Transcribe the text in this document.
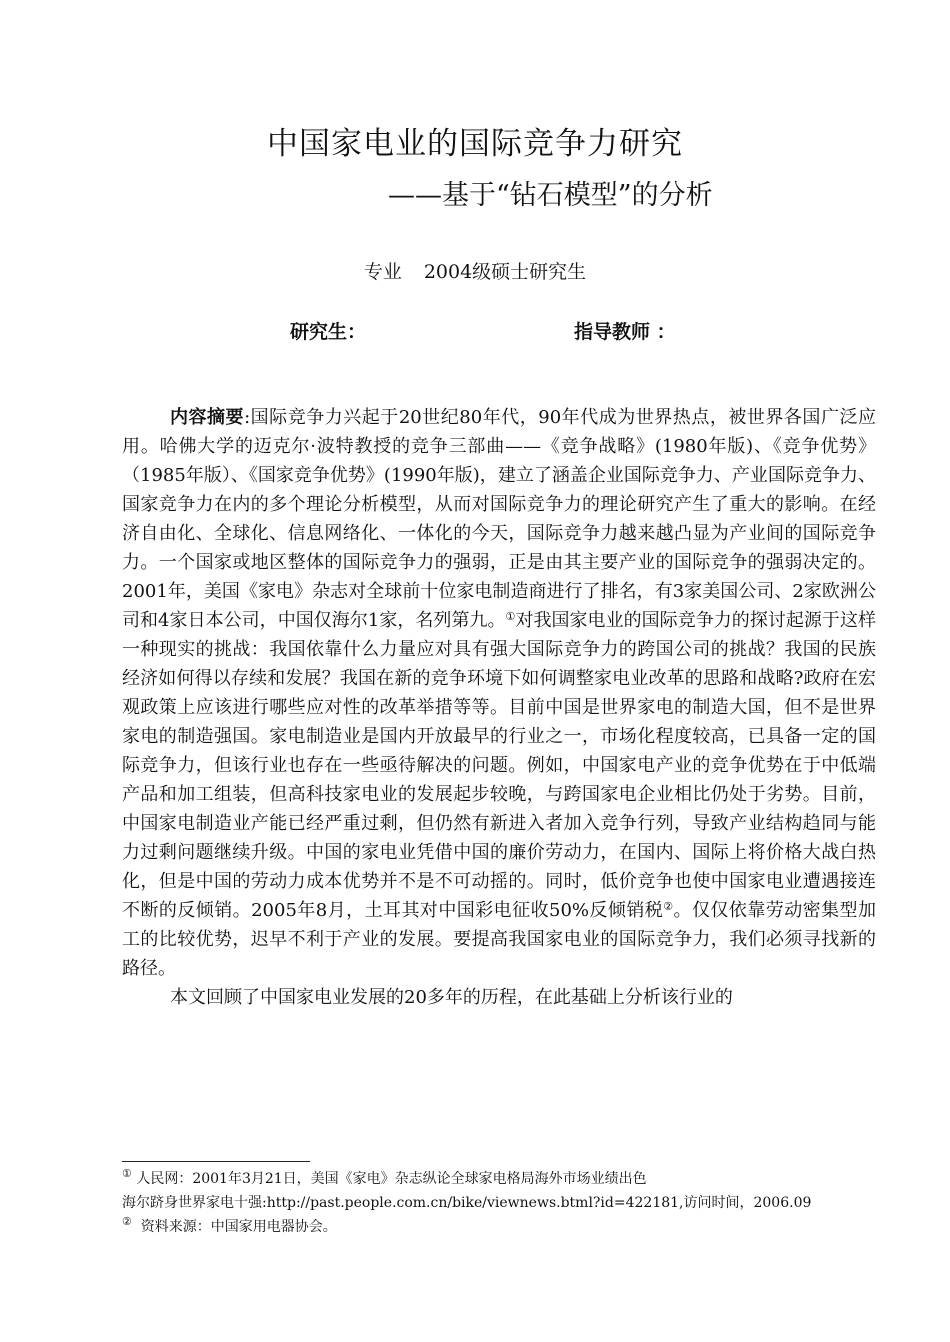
中国家电业的国际竞争力研究
——基于“钻石模型”的分析
专业 2004级硕士研究生
研究生：	指导教师 ：

内容摘要:国际竞争力兴起于20世纪80年代，90年代成为世界热点，被世界各国广泛应用。哈佛大学的迈克尔·波特教授的竞争三部曲——《竞争战略》(1980年版)、《竞争优势》（1985年版）、《国家竞争优势》(1990年版)，建立了涵盖企业国际竞争力、产业国际竞争力、国家竞争力在内的多个理论分析模型，从而对国际竞争力的理论研究产生了重大的影响。在经济自由化、全球化、信息网络化、一体化的今天，国际竞争力越来越凸显为产业间的国际竞争力。一个国家或地区整体的国际竞争力的强弱，正是由其主要产业的国际竞争的强弱决定的。2001年，美国《家电》杂志对全球前十位家电制造商进行了排名，有3家美国公司、2家欧洲公司和4家日本公司，中国仅海尔1家，名列第九。①对我国家电业的国际竞争力的探讨起源于这样一种现实的挑战：我国依靠什么力量应对具有强大国际竞争力的跨国公司的挑战？我国的民族经济如何得以存续和发展？我国在新的竞争环境下如何调整家电业改革的思路和战略?政府在宏观政策上应该进行哪些应对性的改革举措等等。目前中国是世界家电的制造大国，但不是世界家电的制造强国。家电制造业是国内开放最早的行业之一，市场化程度较高，已具备一定的国际竞争力，但该行业也存在一些亟待解决的问题。例如，中国家电产业的竞争优势在于中低端产品和加工组装，但高科技家电业的发展起步较晚，与跨国家电企业相比仍处于劣势。目前，中国家电制造业产能已经严重过剩，但仍然有新进入者加入竞争行列，导致产业结构趋同与能力过剩问题继续升级。中国的家电业凭借中国的廉价劳动力，在国内、国际上将价格大战白热化，但是中国的劳动力成本优势并不是不可动摇的。同时，低价竞争也使中国家电业遭遇接连不断的反倾销。2005年8月，土耳其对中国彩电征收50%反倾销税②。仅仅依靠劳动密集型加工的比较优势，迟早不利于产业的发展。要提高我国家电业的国际竞争力，我们必须寻找新的路径。

本文回顾了中国家电业发展的20多年的历程，在此基础上分析该行业的

① 人民网：2001年3月21日，美国《家电》杂志纵论全球家电格局海外市场业绩出色
海尔跻身世界家电十强:http://past.people.com.cn/bike/viewnews.btml?id=422181,访问时间，2006.09
② 资料来源：中国家用电器协会。
